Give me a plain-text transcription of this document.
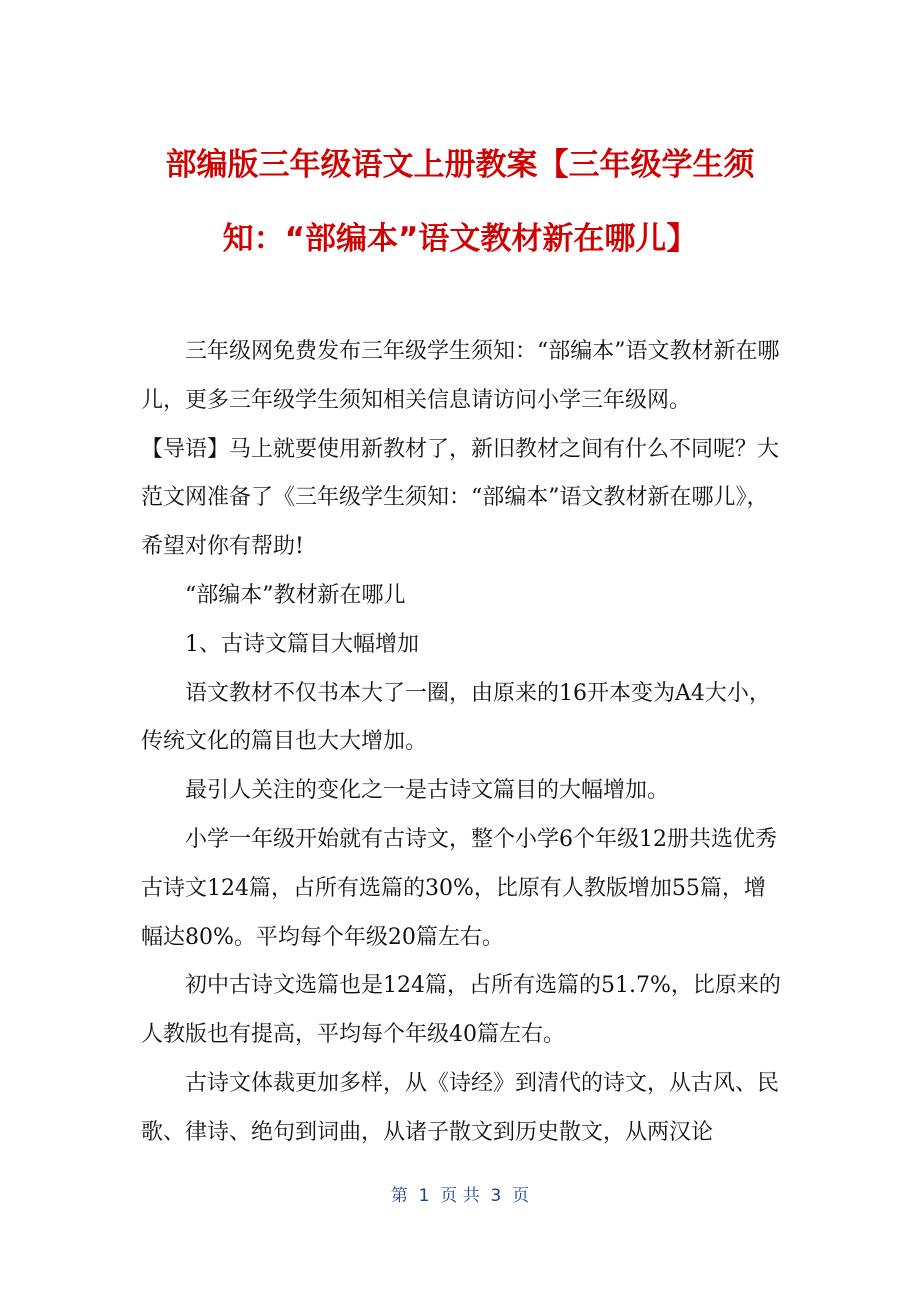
部编版三年级语文上册教案【三年级学生须
知：“部编本”语文教材新在哪儿】

三年级网免费发布三年级学生须知：“部编本”语文教材新在哪儿，更多三年级学生须知相关信息请访问小学三年级网。

【导语】马上就要使用新教材了，新旧教材之间有什么不同呢？大范文网准备了《三年级学生须知：“部编本”语文教材新在哪儿》，希望对你有帮助!

“部编本”教材新在哪儿

1、古诗文篇目大幅增加

语文教材不仅书本大了一圈，由原来的16开本变为A4大小，传统文化的篇目也大大增加。

最引人关注的变化之一是古诗文篇目的大幅增加。

小学一年级开始就有古诗文，整个小学6个年级12册共选优秀古诗文124篇，占所有选篇的30%，比原有人教版增加55篇，增幅达80%。平均每个年级20篇左右。

初中古诗文选篇也是124篇，占所有选篇的51.7%，比原来的人教版也有提高，平均每个年级40篇左右。

古诗文体裁更加多样，从《诗经》到清代的诗文，从古风、民歌、律诗、绝句到词曲，从诸子散文到历史散文，从两汉论

第  1  页 共  3  页
